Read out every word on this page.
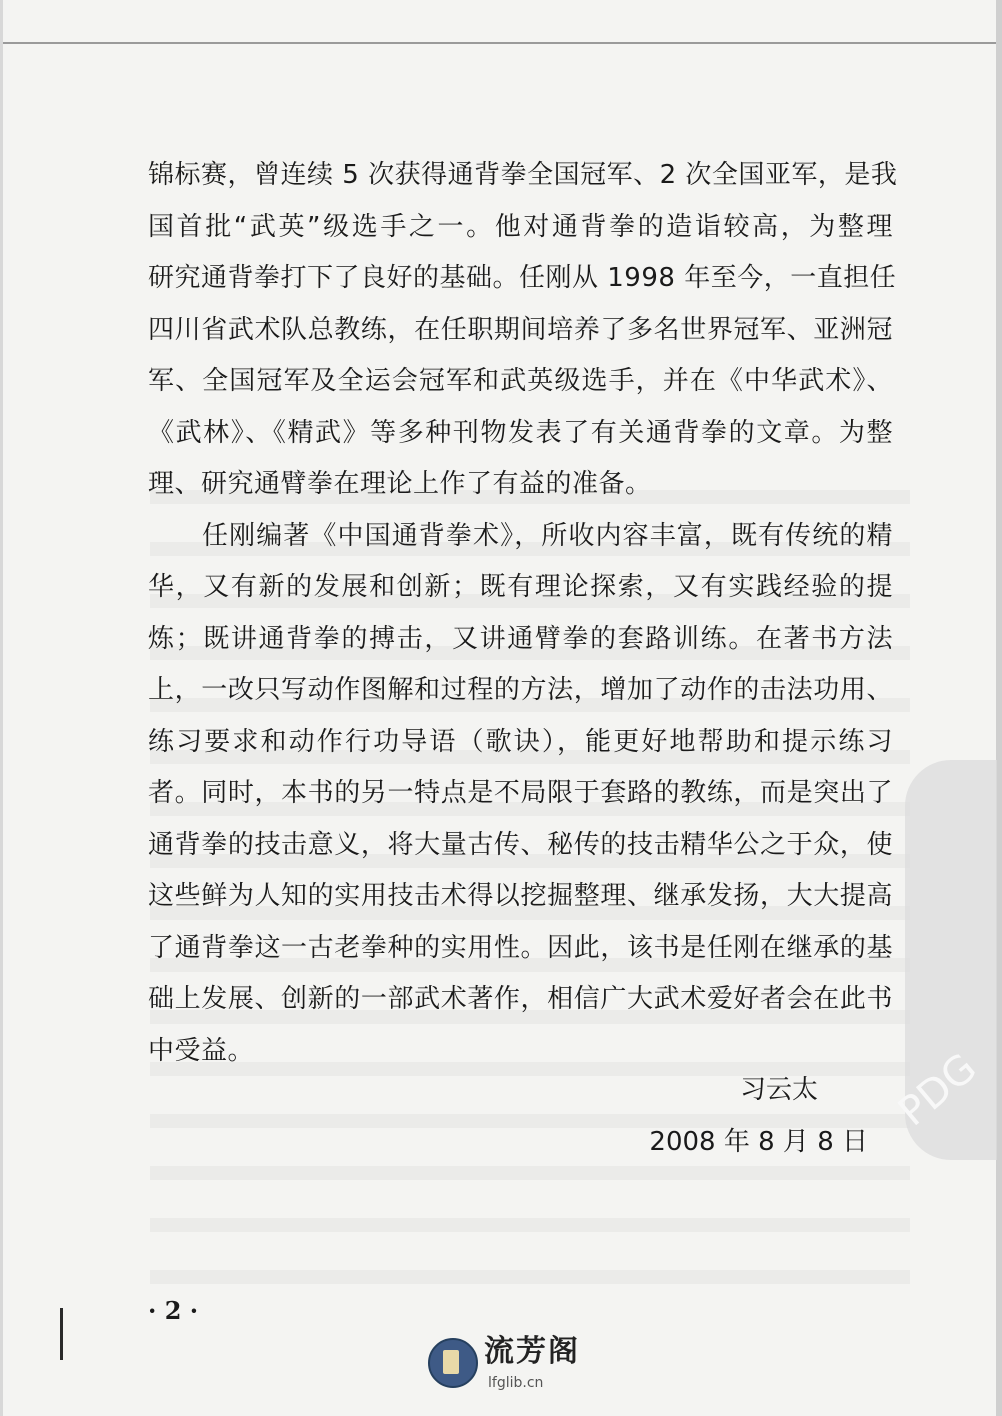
PDG
锦标赛，曾连续 5 次获得通背拳全国冠军、2 次全国亚军，是我
国首批“武英”级选手之一。他对通背拳的造诣较高，为整理
研究通背拳打下了良好的基础。任刚从 1998 年至今，一直担任
四川省武术队总教练，在任职期间培养了多名世界冠军、亚洲冠
军、全国冠军及全运会冠军和武英级选手，并在《中华武术》、
《武林》、《精武》等多种刊物发表了有关通背拳的文章。为整
理、研究通臂拳在理论上作了有益的准备。
任刚编著《中国通背拳术》，所收内容丰富，既有传统的精
华，又有新的发展和创新；既有理论探索，又有实践经验的提
炼；既讲通背拳的搏击，又讲通臂拳的套路训练。在著书方法
上，一改只写动作图解和过程的方法，增加了动作的击法功用、
练习要求和动作行功导语（歌诀），能更好地帮助和提示练习
者。同时，本书的另一特点是不局限于套路的教练，而是突出了
通背拳的技击意义，将大量古传、秘传的技击精华公之于众，使
这些鲜为人知的实用技击术得以挖掘整理、继承发扬，大大提高
了通背拳这一古老拳种的实用性。因此，该书是任刚在继承的基
础上发展、创新的一部武术著作，相信广大武术爱好者会在此书
中受益。
习云太
2008 年 8 月 8 日
· 2 ·
流芳阁
lfglib.cn
